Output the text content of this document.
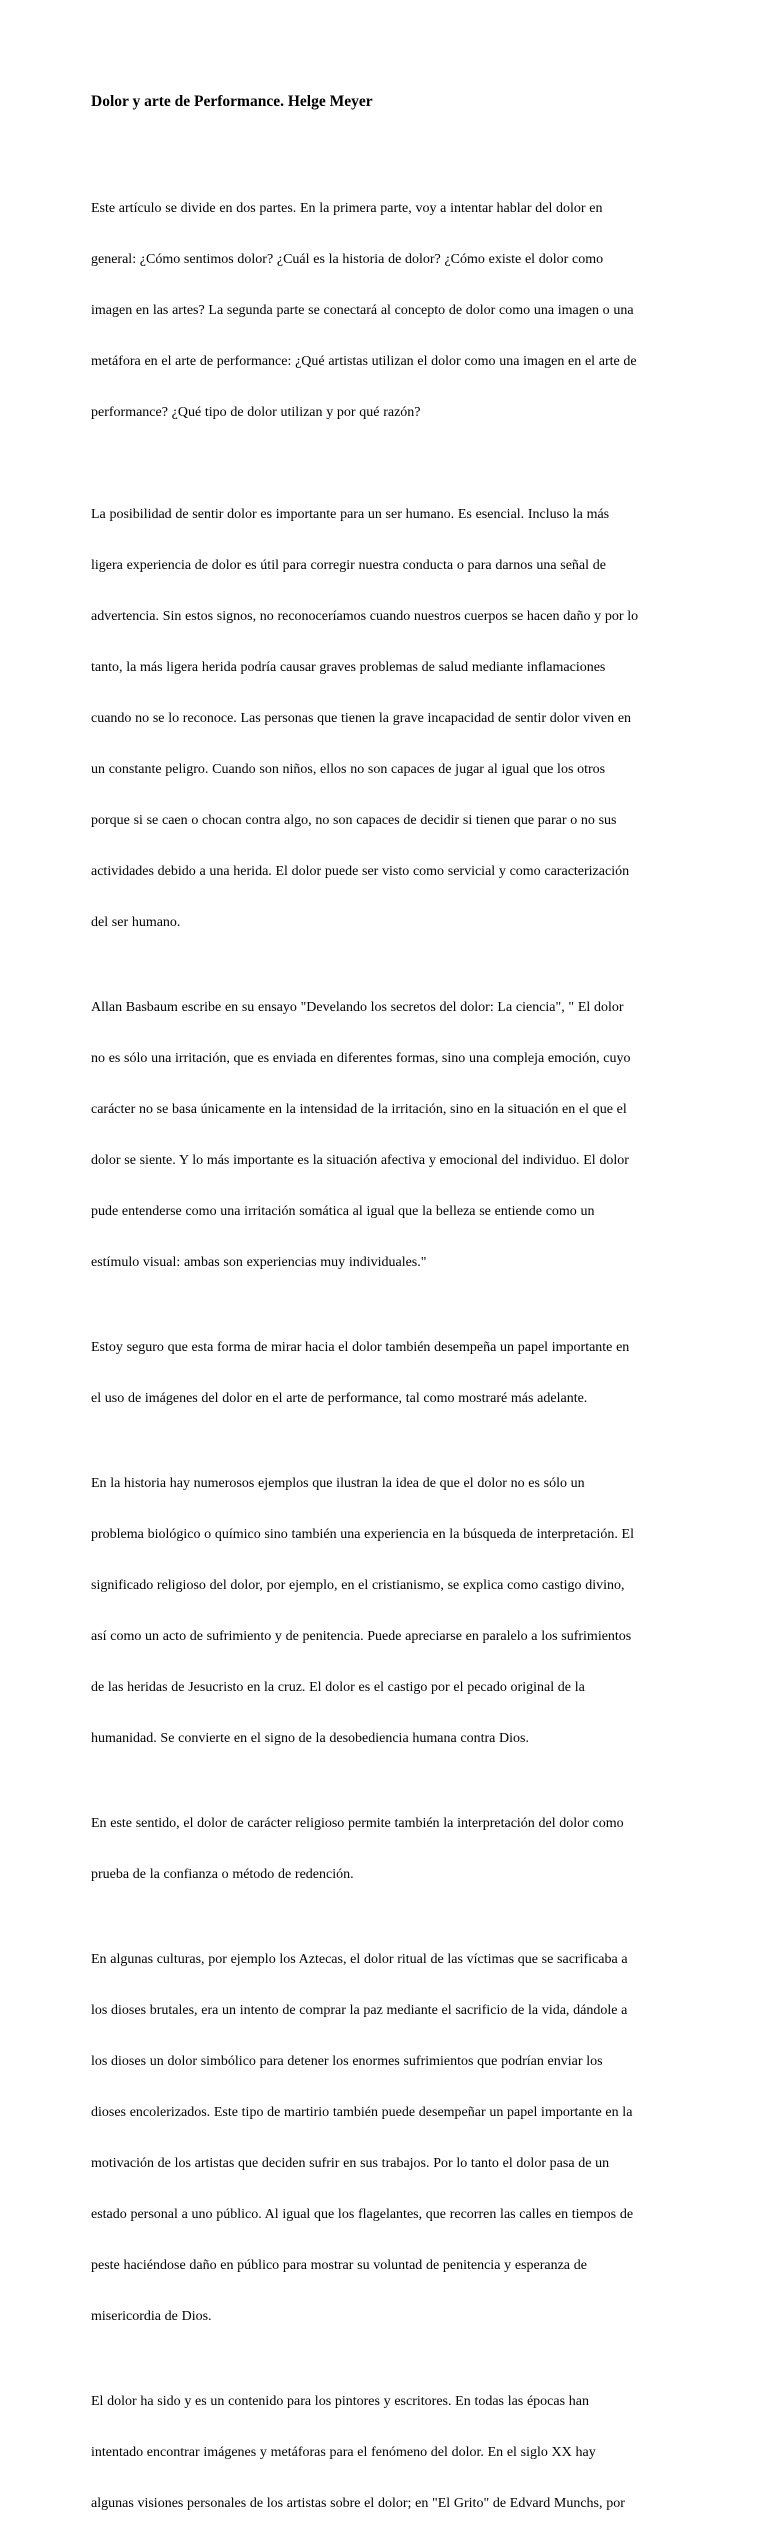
Dolor y arte de Performance. Helge Meyer

Este artículo se divide en dos partes. En la primera parte, voy a intentar hablar del dolor en

general: ¿Cómo sentimos dolor? ¿Cuál es la historia de dolor? ¿Cómo existe el dolor como

imagen en las artes? La segunda parte se conectará al concepto de dolor como una imagen o una

metáfora en el arte de performance: ¿Qué artistas utilizan el dolor como una imagen en el arte de

performance? ¿Qué tipo de dolor utilizan y por qué razón?

La posibilidad de sentir dolor es importante para un ser humano. Es esencial. Incluso la más

ligera experiencia de dolor es útil para corregir nuestra conducta o para darnos una señal de

advertencia. Sin estos signos, no reconoceríamos cuando nuestros cuerpos se hacen daño y por lo

tanto, la más ligera herida podría causar graves problemas de salud mediante inflamaciones

cuando no se lo reconoce. Las personas que tienen la grave incapacidad de sentir dolor viven en

un constante peligro. Cuando son niños, ellos no son capaces de jugar al igual que los otros

porque si se caen o chocan contra algo, no son capaces de decidir si tienen que parar o no sus

actividades debido a una herida. El dolor puede ser visto como servicial y como caracterización

del ser humano.

Allan Basbaum escribe en su ensayo "Develando los secretos del dolor: La ciencia", " El dolor

no es sólo una irritación, que es enviada en diferentes formas, sino una compleja emoción, cuyo

carácter no se basa únicamente en la intensidad de la irritación, sino en la situación en el que el

dolor se siente. Y lo más importante es la situación afectiva y emocional del individuo. El dolor

pude entenderse como una irritación somática al igual que la belleza se entiende como un

estímulo visual: ambas son experiencias muy individuales."

Estoy seguro que esta forma de mirar hacia el dolor también desempeña un papel importante en

el uso de imágenes del dolor en el arte de performance, tal como mostraré más adelante.

En la historia hay numerosos ejemplos que ilustran la idea de que el dolor no es sólo un

problema biológico o químico sino también una experiencia en la búsqueda de interpretación. El

significado religioso del dolor, por ejemplo, en el cristianismo, se explica como castigo divino,

así como un acto de sufrimiento y de penitencia. Puede apreciarse en paralelo a los sufrimientos

de las heridas de Jesucristo en la cruz. El dolor es el castigo por el pecado original de la

humanidad. Se convierte en el signo de la desobediencia humana contra Dios.

En este sentido, el dolor de carácter religioso permite también la interpretación del dolor como

prueba de la confianza o método de redención.

En algunas culturas, por ejemplo los Aztecas, el dolor ritual de las víctimas que se sacrificaba a

los dioses brutales, era un intento de comprar la paz mediante el sacrificio de la vida, dándole a

los dioses un dolor simbólico para detener los enormes sufrimientos que podrían enviar los

dioses encolerizados. Este tipo de martirio también puede desempeñar un papel importante en la

motivación de los artistas que deciden sufrir en sus trabajos. Por lo tanto el dolor pasa de un

estado personal a uno público. Al igual que los flagelantes, que recorren las calles en tiempos de

peste haciéndose daño en público para mostrar su voluntad de penitencia y esperanza de

misericordia de Dios.

El dolor ha sido y es un contenido para los pintores y escritores. En todas las épocas han

intentado encontrar imágenes y metáforas para el fenómeno del dolor. En el siglo XX hay

algunas visiones personales de los artistas sobre el dolor; en "El Grito" de Edvard Munchs, por
